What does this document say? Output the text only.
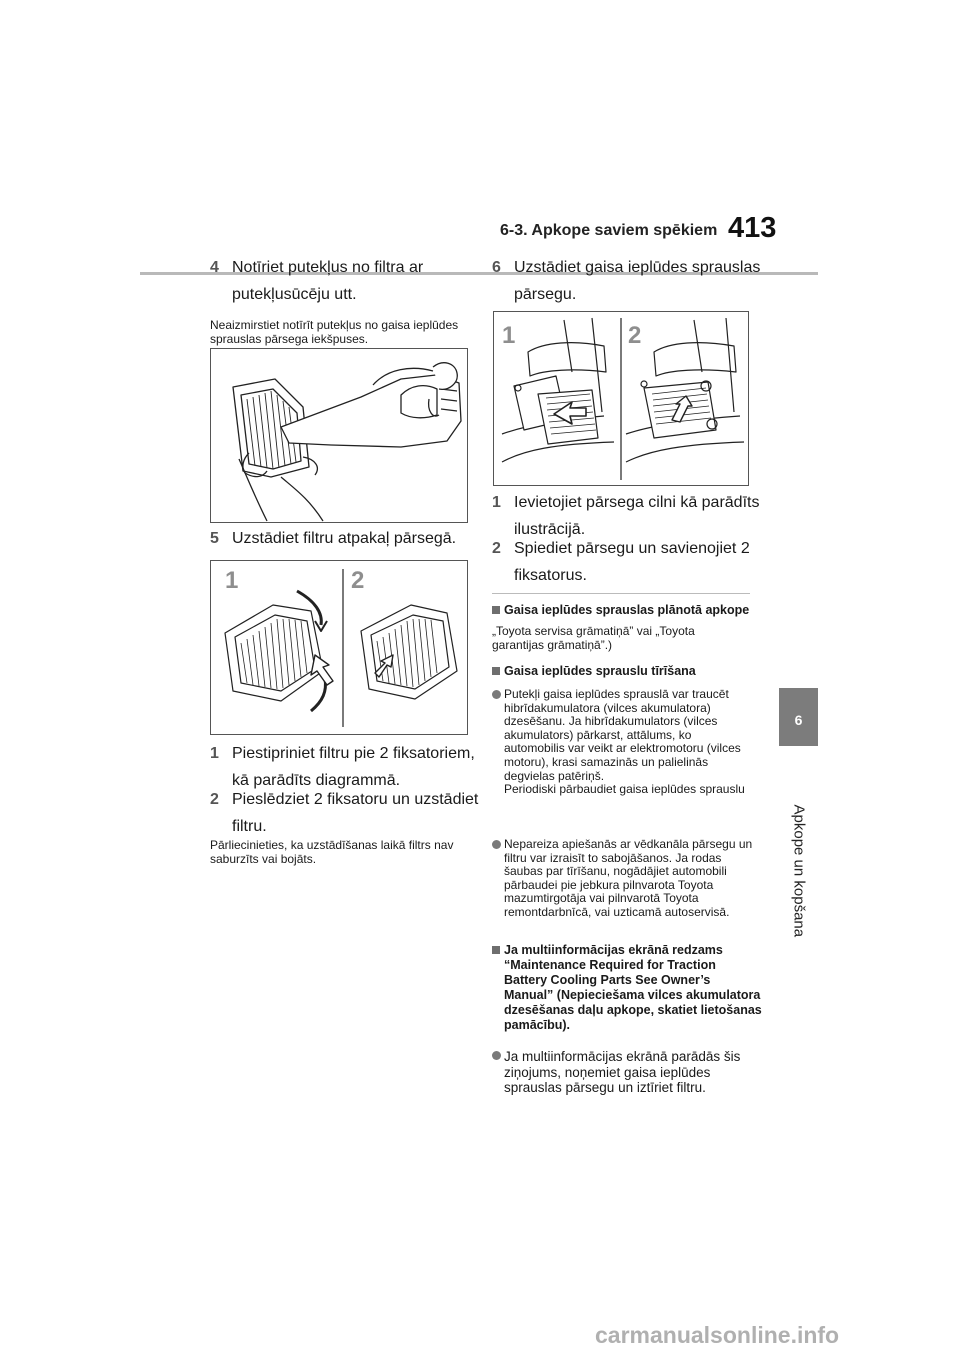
6-3. Apkope saviem spēkiem 413
6
Apkope un kopšana
4 Notīriet putekļus no filtra ar putekļusūcēju utt.
Neaizmirstiet notīrīt putekļus no gaisa ieplūdes sprauslas pārsega iekšpuses.
5 Uzstādiet filtru atpakaļ pārsegā.
1	2
1 Piestipriniet filtru pie 2 fiksatoriem, kā parādīts diagrammā.
2 Pieslēdziet 2 fiksatoru un uzstādiet filtru.
Pārliecinieties, ka uzstādīšanas laikā filtrs nav saburzīts vai bojāts.
6 Uzstādiet gaisa ieplūdes sprauslas pārsegu.
1	2
1 Ievietojiet pārsega cilni kā parādīts ilustrācijā.
2 Spiediet pārsegu un savienojiet 2 fiksatorus.
Gaisa ieplūdes sprauslas plānotā apkope
„Toyota servisa grāmatiņā” vai „Toyota garantijas grāmatiņā”.)
Gaisa ieplūdes sprauslu tīrīšana
Putekļi gaisa ieplūdes sprauslā var traucēt hibrīdakumulatora (vilces akumulatora) dzesēšanu. Ja hibrīdakumulators (vilces akumulators) pārkarst, attālums, ko automobilis var veikt ar elektromotoru (vilces motoru), krasi samazinās un palielinās degvielas patēriņš.
Periodiski pārbaudiet gaisa ieplūdes sprauslu
Nepareiza apiešanās ar vēdkanāla pārsegu un filtru var izraisīt to sabojāšanos. Ja rodas šaubas par tīrīšanu, nogādājiet automobili pārbaudei pie jebkura pilnvarota Toyota mazumtirgotāja vai pilnvarotā Toyota remontdarbnīcā, vai uzticamā autoservisā.
Ja multiinformācijas ekrānā redzams “Maintenance Required for Traction Battery Cooling Parts See Owner’s Manual” (Nepieciešama vilces akumulatora dzesēšanas daļu apkope, skatiet lietošanas pamācību).
Ja multiinformācijas ekrānā parādās šis ziņojums, noņemiet gaisa ieplūdes sprauslas pārsegu un iztīriet filtru.
carmanualsonline.info
